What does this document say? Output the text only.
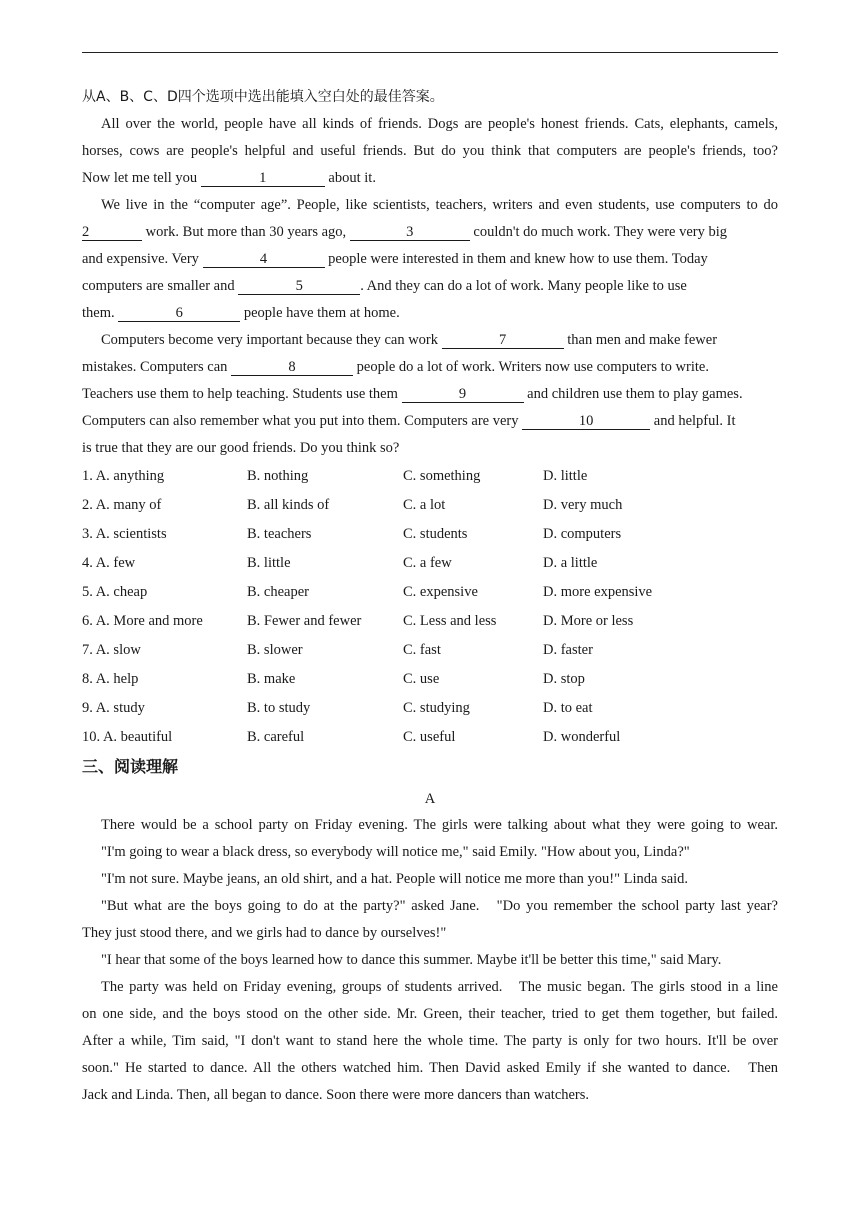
从A、B、C、D四个选项中选出能填入空白处的最佳答案。
All over the world, people have all kinds of friends. Dogs are people's honest friends. Cats, elephants, camels,
horses, cows are people's helpful and useful friends. But do you think that computers are people's friends, too?
Now let me tell you	1	about it.
We live in the “computer age”. People, like scientists, teachers, writers and even students, use computers to do
2	work. But more than 30 years ago,	3	couldn't do much work. They were very big
and expensive. Very	4	people were interested in them and knew how to use them. Today
computers are smaller and	5	. And they can do a lot of work. Many people like to use
them.	6	people have them at home.
Computers become very important because they can work	7	than men and make fewer
mistakes. Computers can	8	people do a lot of work. Writers now use computers to write.
Teachers use them to help teaching. Students use them	9	and children use them to play games.
Computers can also remember what you put into them. Computers are very	10	and helpful. It
is true that they are our good friends. Do you think so?
1. A. anything	B. nothing	C. something	D. little
2. A. many of	B. all kinds of	C. a lot	D. very much
3. A. scientists	B. teachers	C. students	D. computers
4. A. few	B. little	C. a few	D. a little
5. A. cheap	B. cheaper	C. expensive	D. more expensive
6. A. More and more	B. Fewer and fewer	C. Less and less	D. More or less
7. A. slow	B. slower	C. fast	D. faster
8. A. help	B. make	C. use	D. stop
9. A. study	B. to study	C. studying	D. to eat
10. A. beautiful	B. careful	C. useful	D. wonderful
三、阅读理解
A
There would be a school party on Friday evening. The girls were talking about what they were going to wear.
"I'm going to wear a black dress, so everybody will notice me," said Emily. "How about you, Linda?"
"I'm not sure. Maybe jeans, an old shirt, and a hat. People will notice me more than you!" Linda said.
"But what are the boys going to do at the party?" asked Jane.   "Do you remember the school party last year?
They just stood there, and we girls had to dance by ourselves!"
"I hear that some of the boys learned how to dance this summer. Maybe it'll be better this time," said Mary.
The party was held on Friday evening, groups of students arrived.   The music began. The girls stood in a line
on one side, and the boys stood on the other side. Mr. Green, their teacher, tried to get them together, but failed.
After a while, Tim said, "I don't want to stand here the whole time. The party is only for two hours. It'll be over
soon." He started to dance. All the others watched him. Then David asked Emily if she wanted to dance.   Then
Jack and Linda. Then, all began to dance. Soon there were more dancers than watchers.
